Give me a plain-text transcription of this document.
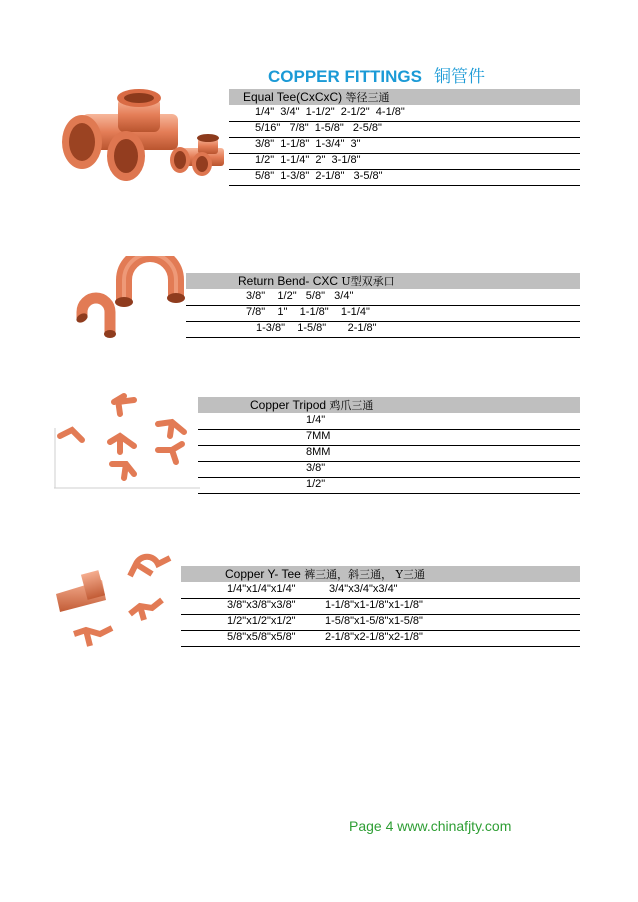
COPPER FITTINGS 铜管件
Equal Tee(CxCxC) 等径三通
1/4"  3/4"  1-1/2"  2-1/2"  4-1/8"
5/16"   7/8"  1-5/8"   2-5/8"
3/8"  1-1/8"  1-3/4"  3"
1/2"  1-1/4"  2"  3-1/8"
5/8"  1-3/8"  2-1/8"   3-5/8"
Return Bend- CXC U型双承口
3/8"    1/2"   5/8"   3/4"
7/8"    1"    1-1/8"    1-1/4"
1-3/8"    1-5/8"       2-1/8"
Copper Tripod 鸡爪三通
1/4"
7MM
8MM
3/8"
1/2"
Copper Y- Tee 裤三通，斜三通， Y三通

1/4"x1/4"x1/4"	3/4"x3/4"x3/4"

3/8"x3/8"x3/8"	1-1/8"x1-1/8"x1-1/8"

1/2"x1/2"x1/2"	1-5/8"x1-5/8"x1-5/8"

5/8"x5/8"x5/8"	2-1/8"x2-1/8"x2-1/8"

Page 4 www.chinafjty.com
